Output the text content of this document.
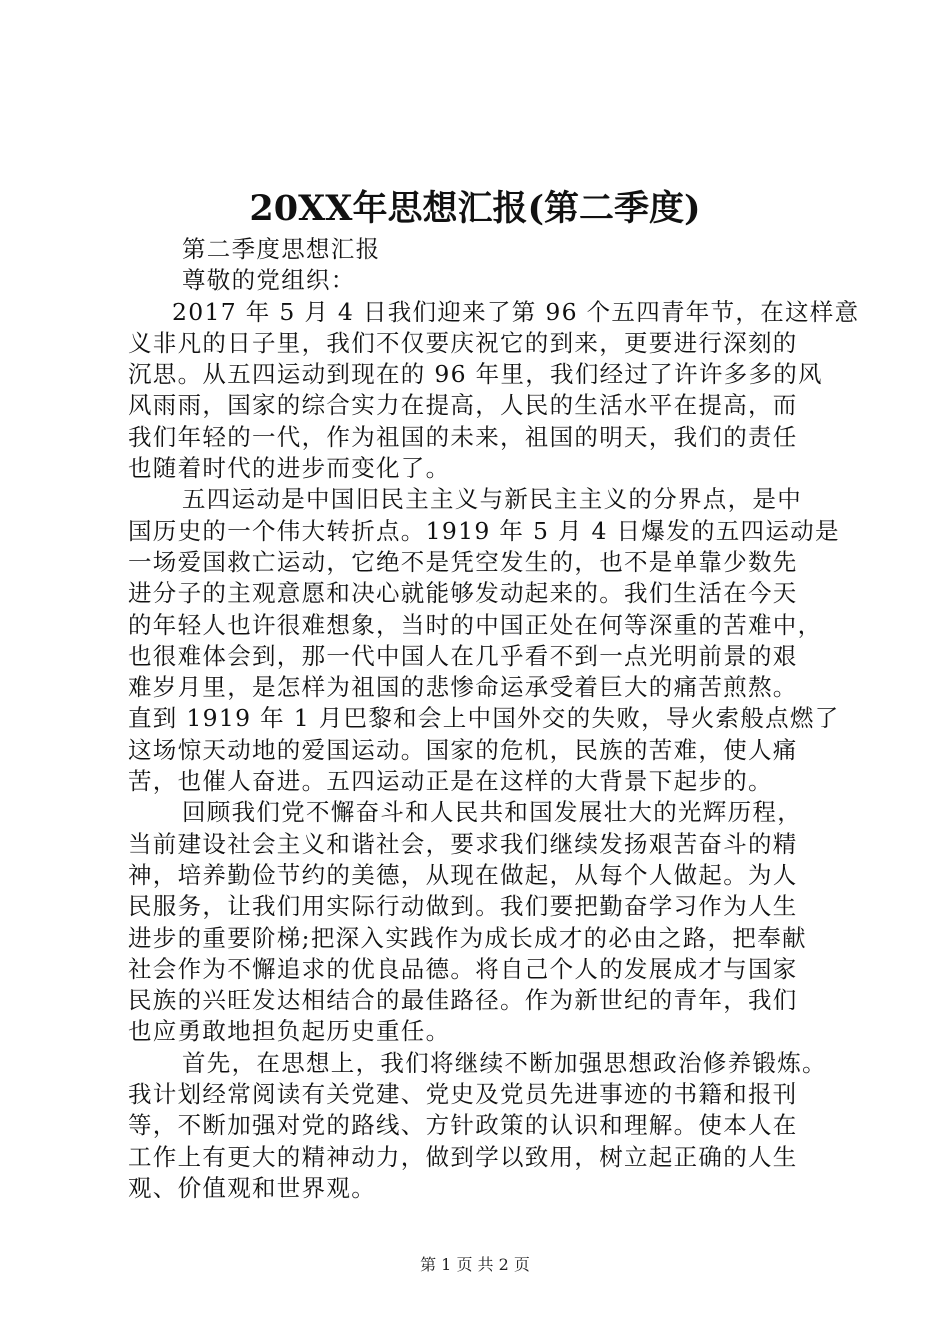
20XX年思想汇报(第二季度)
第二季度思想汇报
尊敬的党组织：
2017 年 5 月 4 日我们迎来了第 96 个五四青年节，在这样意
义非凡的日子里，我们不仅要庆祝它的到来，更要进行深刻的
沉思。从五四运动到现在的 96 年里，我们经过了许许多多的风
风雨雨，国家的综合实力在提高，人民的生活水平在提高，而
我们年轻的一代，作为祖国的未来，祖国的明天，我们的责任
也随着时代的进步而变化了。
五四运动是中国旧民主主义与新民主主义的分界点，是中
国历史的一个伟大转折点。1919 年 5 月 4 日爆发的五四运动是
一场爱国救亡运动，它绝不是凭空发生的，也不是单靠少数先
进分子的主观意愿和决心就能够发动起来的。我们生活在今天
的年轻人也许很难想象，当时的中国正处在何等深重的苦难中，
也很难体会到，那一代中国人在几乎看不到一点光明前景的艰
难岁月里，是怎样为祖国的悲惨命运承受着巨大的痛苦煎熬。
直到 1919 年 1 月巴黎和会上中国外交的失败，导火索般点燃了
这场惊天动地的爱国运动。国家的危机，民族的苦难，使人痛
苦，也催人奋进。五四运动正是在这样的大背景下起步的。
回顾我们党不懈奋斗和人民共和国发展壮大的光辉历程，
当前建设社会主义和谐社会，要求我们继续发扬艰苦奋斗的精
神，培养勤俭节约的美德，从现在做起，从每个人做起。为人
民服务，让我们用实际行动做到。我们要把勤奋学习作为人生
进步的重要阶梯;把深入实践作为成长成才的必由之路，把奉献
社会作为不懈追求的优良品德。将自己个人的发展成才与国家
民族的兴旺发达相结合的最佳路径。作为新世纪的青年，我们
也应勇敢地担负起历史重任。
首先，在思想上，我们将继续不断加强思想政治修养锻炼。
我计划经常阅读有关党建、党史及党员先进事迹的书籍和报刊
等，不断加强对党的路线、方针政策的认识和理解。使本人在
工作上有更大的精神动力，做到学以致用，树立起正确的人生
观、价值观和世界观。
第 1 页 共 2 页
